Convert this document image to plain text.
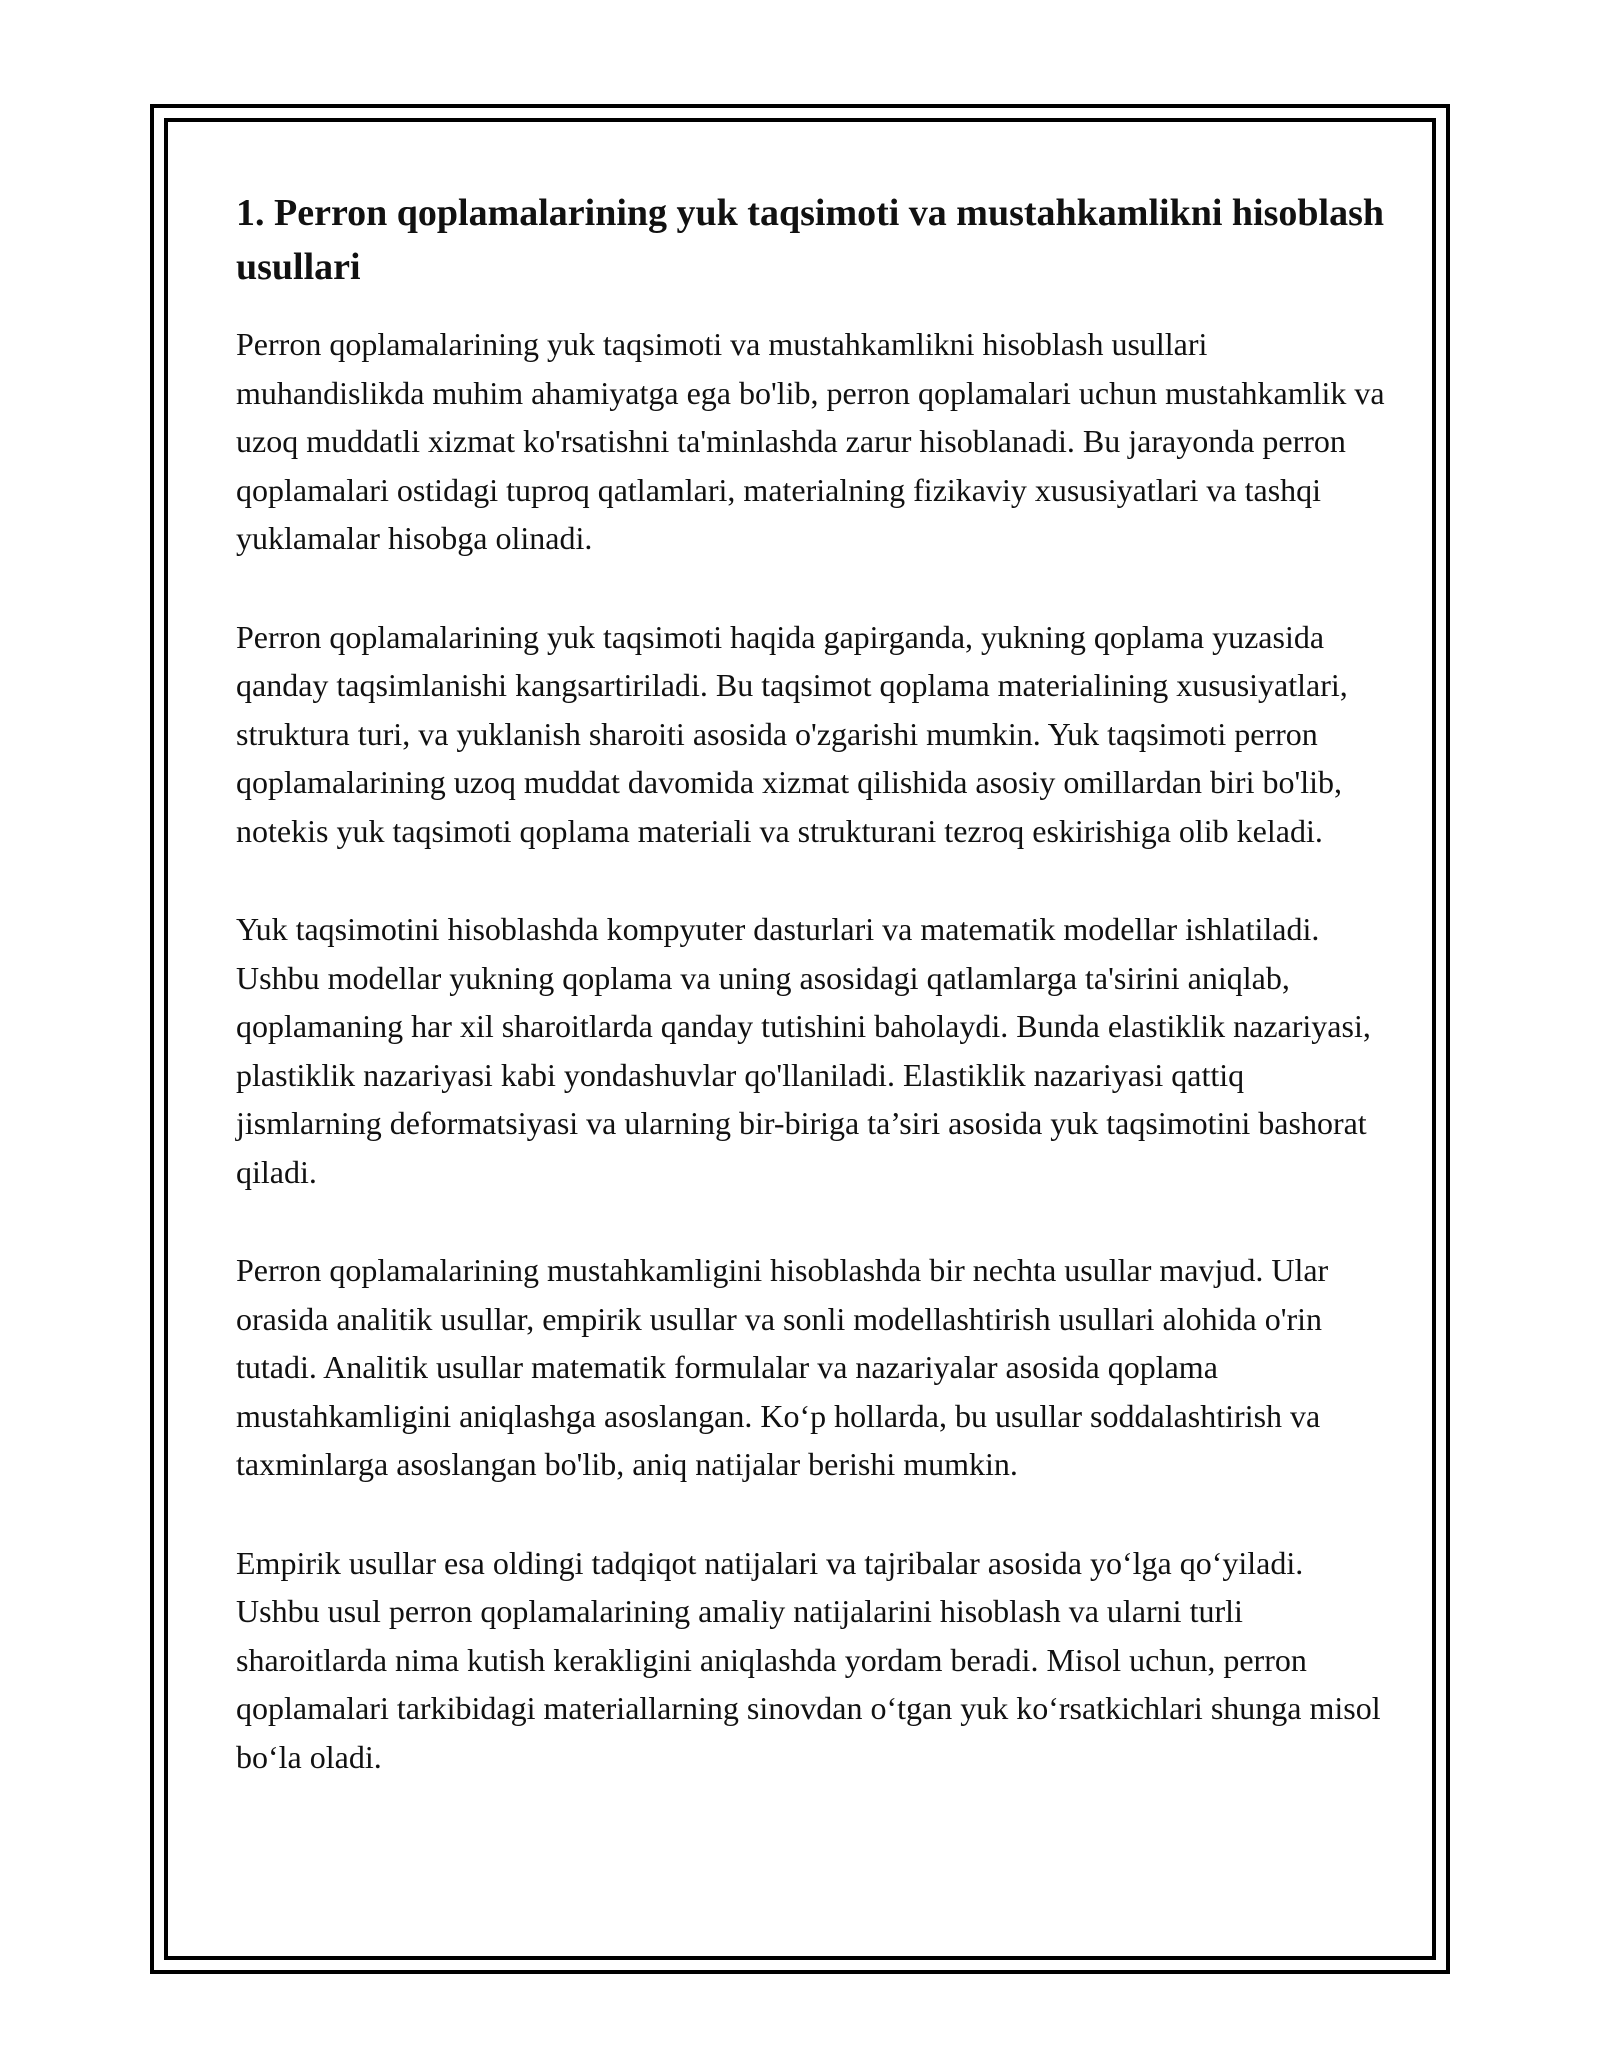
1. Perron qoplamalarining yuk taqsimoti va mustahkamlikni hisoblash usullari

Perron qoplamalarining yuk taqsimoti va mustahkamlikni hisoblash usullari muhandislikda muhim ahamiyatga ega bo'lib, perron qoplamalari uchun mustahkamlik va uzoq muddatli xizmat ko'rsatishni ta'minlashda zarur hisoblanadi. Bu jarayonda perron qoplamalari ostidagi tuproq qatlamlari, materialning fizikaviy xususiyatlari va tashqi yuklamalar hisobga olinadi.

Perron qoplamalarining yuk taqsimoti haqida gapirganda, yukning qoplama yuzasida qanday taqsimlanishi kangsartiriladi. Bu taqsimot qoplama materialining xususiyatlari, struktura turi, va yuklanish sharoiti asosida o'zgarishi mumkin. Yuk taqsimoti perron qoplamalarining uzoq muddat davomida xizmat qilishida asosiy omillardan biri bo'lib, notekis yuk taqsimoti qoplama materiali va strukturani tezroq eskirishiga olib keladi.

Yuk taqsimotini hisoblashda kompyuter dasturlari va matematik modellar ishlatiladi. Ushbu modellar yukning qoplama va uning asosidagi qatlamlarga ta'sirini aniqlab, qoplamaning har xil sharoitlarda qanday tutishini baholaydi. Bunda elastiklik nazariyasi, plastiklik nazariyasi kabi yondashuvlar qo'llaniladi. Elastiklik nazariyasi qattiq jismlarning deformatsiyasi va ularning bir-biriga ta’siri asosida yuk taqsimotini bashorat qiladi.

Perron qoplamalarining mustahkamligini hisoblashda bir nechta usullar mavjud. Ular orasida analitik usullar, empirik usullar va sonli modellashtirish usullari alohida o'rin tutadi. Analitik usullar matematik formulalar va nazariyalar asosida qoplama mustahkamligini aniqlashga asoslangan. Koʻp hollarda, bu usullar soddalashtirish va taxminlarga asoslangan bo'lib, aniq natijalar berishi mumkin.

Empirik usullar esa oldingi tadqiqot natijalari va tajribalar asosida yoʻlga qoʻyiladi. Ushbu usul perron qoplamalarining amaliy natijalarini hisoblash va ularni turli sharoitlarda nima kutish kerakligini aniqlashda yordam beradi. Misol uchun, perron qoplamalari tarkibidagi materiallarning sinovdan oʻtgan yuk koʻrsatkichlari shunga misol boʻla oladi.
